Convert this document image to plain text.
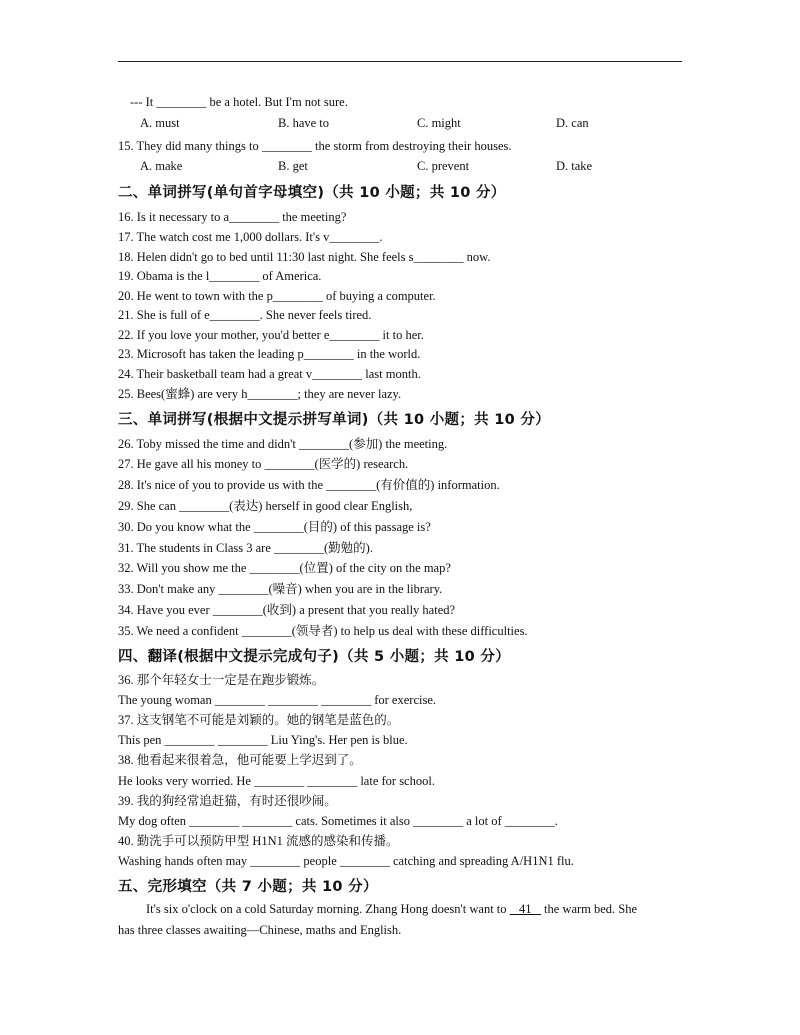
--- It ________ be a hotel. But I'm not sure.
A. must	B. have to	C. might	D. can
15. They did many things to ________ the storm from destroying their houses.
A. make	B. get	C. prevent	D. take
二、单词拼写(单句首字母填空)（共 10 小题；共 10 分）
16. Is it necessary to a________ the meeting?
17. The watch cost me 1,000 dollars. It's v________.
18. Helen didn't go to bed until 11:30 last night. She feels s________ now.
19. Obama is the l________ of America.
20. He went to town with the p________ of buying a computer.
21. She is full of e________. She never feels tired.
22. If you love your mother, you'd better e________ it to her.
23. Microsoft has taken the leading p________ in the world.
24. Their basketball team had a great v________ last month.
25. Bees(蜜蜂) are very h________; they are never lazy.
三、单词拼写(根据中文提示拼写单词)（共 10 小题；共 10 分）
26. Toby missed the time and didn't ________(参加) the meeting.
27. He gave all his money to ________(医学的) research.
28. It's nice of you to provide us with the ________(有价值的) information.
29. She can ________(表达) herself in good clear English,
30. Do you know what the ________(目的) of this passage is?
31. The students in Class 3 are ________(勤勉的).
32. Will you show me the ________(位置) of the city on the map?
33. Don't make any ________(噪音) when you are in the library.
34. Have you ever ________(收到) a present that you really hated?
35. We need a confident ________(领导者) to help us deal with these difficulties.
四、翻译(根据中文提示完成句子)（共 5 小题；共 10 分）
36. 那个年轻女士一定是在跑步锻炼。
The young woman ________ ________ ________ for exercise.
37. 这支钢笔不可能是刘颖的。她的钢笔是蓝色的。
This pen ________ ________ Liu Ying's. Her pen is blue.
38. 他看起来很着急，他可能要上学迟到了。
He looks very worried. He ________ ________ late for school.
39. 我的狗经常追赶猫，有时还很吵闹。
My dog often ________ ________ cats. Sometimes it also ________ a lot of ________.
40. 勤洗手可以预防甲型 H1N1 流感的感染和传播。
Washing hands often may ________ people ________ catching and spreading A/H1N1 flu.
五、完形填空（共 7 小题；共 10 分）
It's six o'clock on a cold Saturday morning. Zhang Hong doesn't want to    41    the warm bed. She
has three classes awaiting—Chinese, maths and English.
